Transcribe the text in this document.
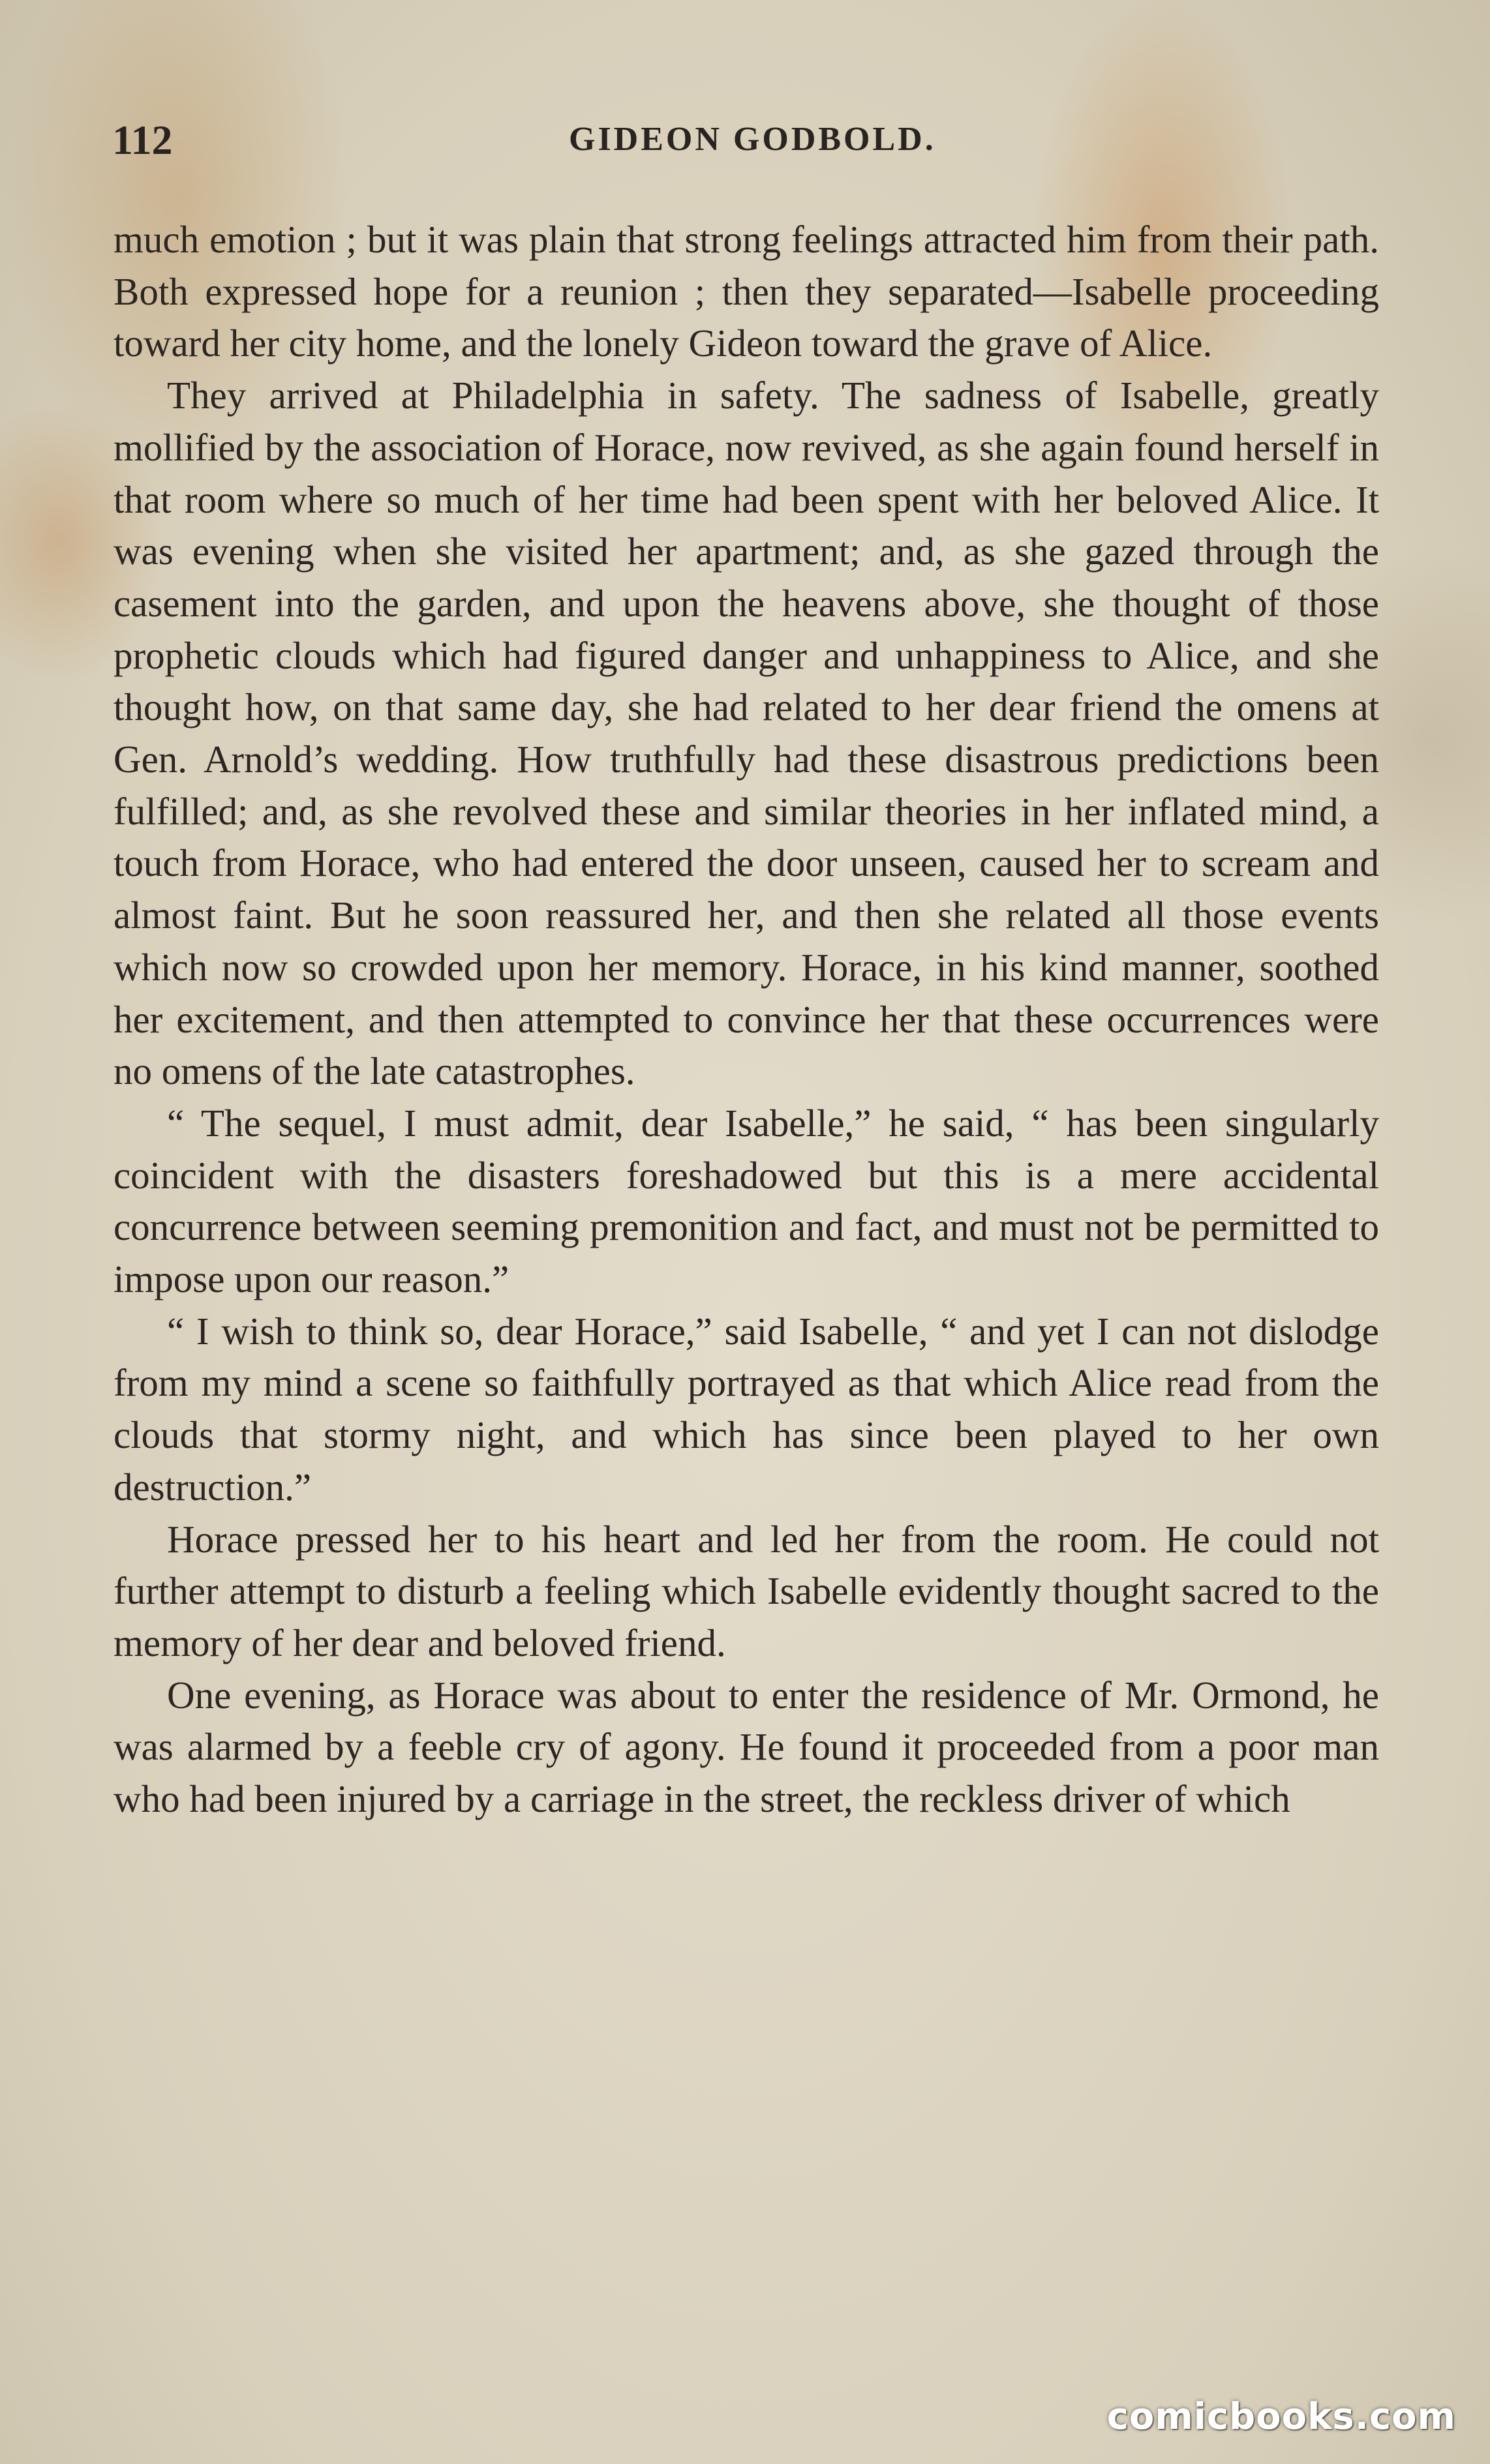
112	GIDEON GODBOLD.

much emotion ; but it was plain that strong feelings attracted him from their path. Both expressed hope for a reunion ; then they separated—Isabelle proceeding toward her city home, and the lonely Gideon toward the grave of Alice.

They arrived at Philadelphia in safety. The sadness of Isabelle, greatly mollified by the association of Horace, now revived, as she again found herself in that room where so much of her time had been spent with her beloved Alice. It was evening when she visited her apartment; and, as she gazed through the casement into the garden, and upon the heavens above, she thought of those prophetic clouds which had figured danger and unhappiness to Alice, and she thought how, on that same day, she had related to her dear friend the omens at Gen. Arnold’s wedding. How truthfully had these disastrous predictions been fulfilled; and, as she revolved these and similar theories in her inflated mind, a touch from Horace, who had entered the door unseen, caused her to scream and almost faint. But he soon reassured her, and then she related all those events which now so crowded upon her memory. Horace, in his kind manner, soothed her excitement, and then attempted to convince her that these occurrences were no omens of the late catastrophes.

“ The sequel, I must admit, dear Isabelle,” he said, “ has been singularly coincident with the disasters foreshadowed but this is a mere accidental concurrence between seeming premonition and fact, and must not be permitted to impose upon our reason.”

“ I wish to think so, dear Horace,” said Isabelle, “ and yet I can not dislodge from my mind a scene so faithfully portrayed as that which Alice read from the clouds that stormy night, and which has since been played to her own destruction.”

Horace pressed her to his heart and led her from the room. He could not further attempt to disturb a feeling which Isabelle evidently thought sacred to the memory of her dear and beloved friend.

One evening, as Horace was about to enter the residence of Mr. Ormond, he was alarmed by a feeble cry of agony. He found it proceeded from a poor man who had been injured by a carriage in the street, the reckless driver of which

comicbooks.com
